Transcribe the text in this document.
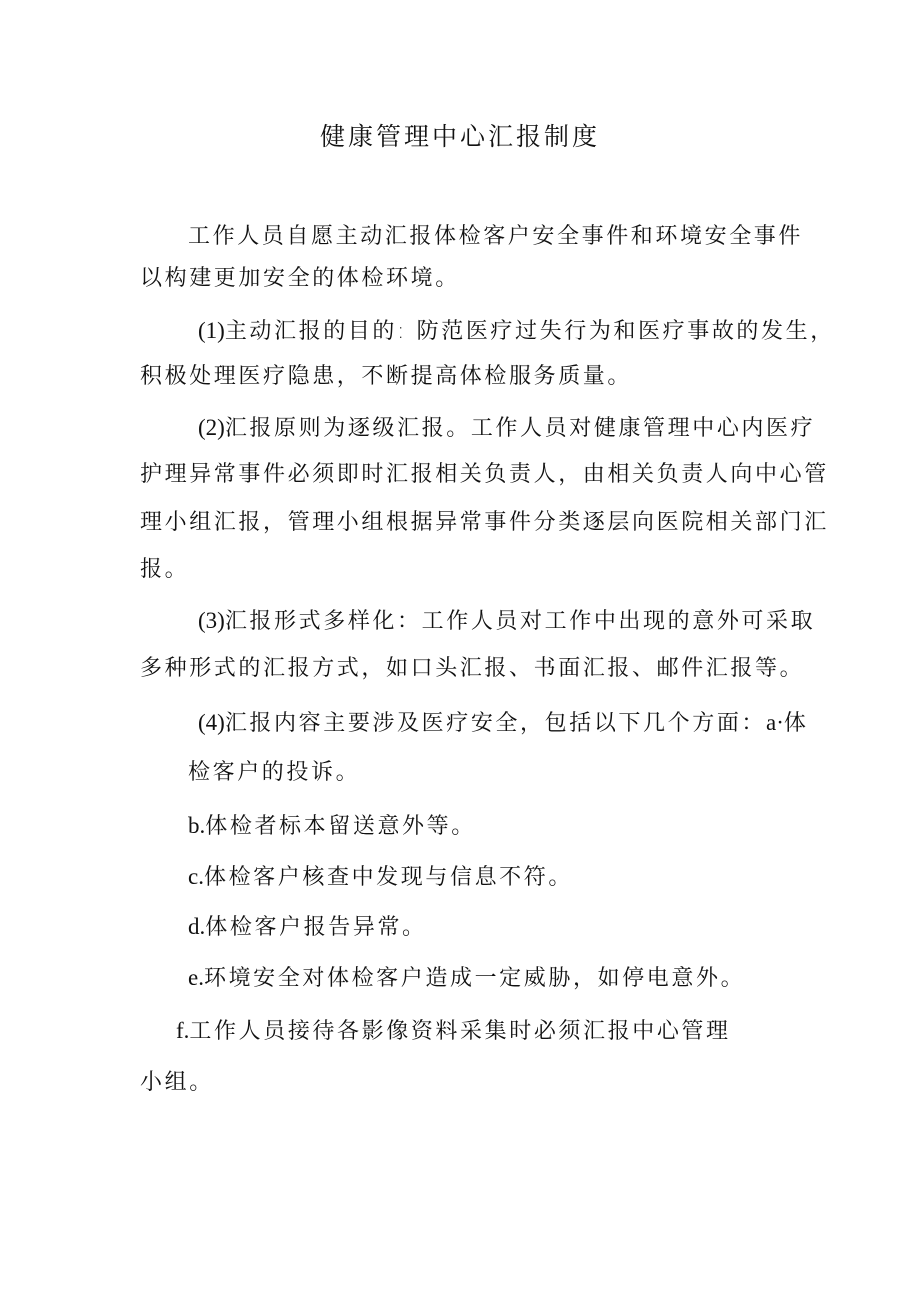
健康管理中心汇报制度
工作人员自愿主动汇报体检客户安全事件和环境安全事件
以构建更加安全的体检环境。
(1)主动汇报的目的: 防范医疗过失行为和医疗事故的发生，
积极处理医疗隐患，不断提高体检服务质量。
(2)汇报原则为逐级汇报。工作人员对健康管理中心内医疗
护理异常事件必须即时汇报相关负责人，由相关负责人向中心管
理小组汇报，管理小组根据异常事件分类逐层向医院相关部门汇
报。
(3)汇报形式多样化：工作人员对工作中出现的意外可采取
多种形式的汇报方式，如口头汇报、书面汇报、邮件汇报等。
(4)汇报内容主要涉及医疗安全，包括以下几个方面：a·体
检客户的投诉。
b.体检者标本留送意外等。
c.体检客户核查中发现与信息不符。
d.体检客户报告异常。
e.环境安全对体检客户造成一定威胁，如停电意外。
f.工作人员接待各影像资料采集时必须汇报中心管理
小组。
